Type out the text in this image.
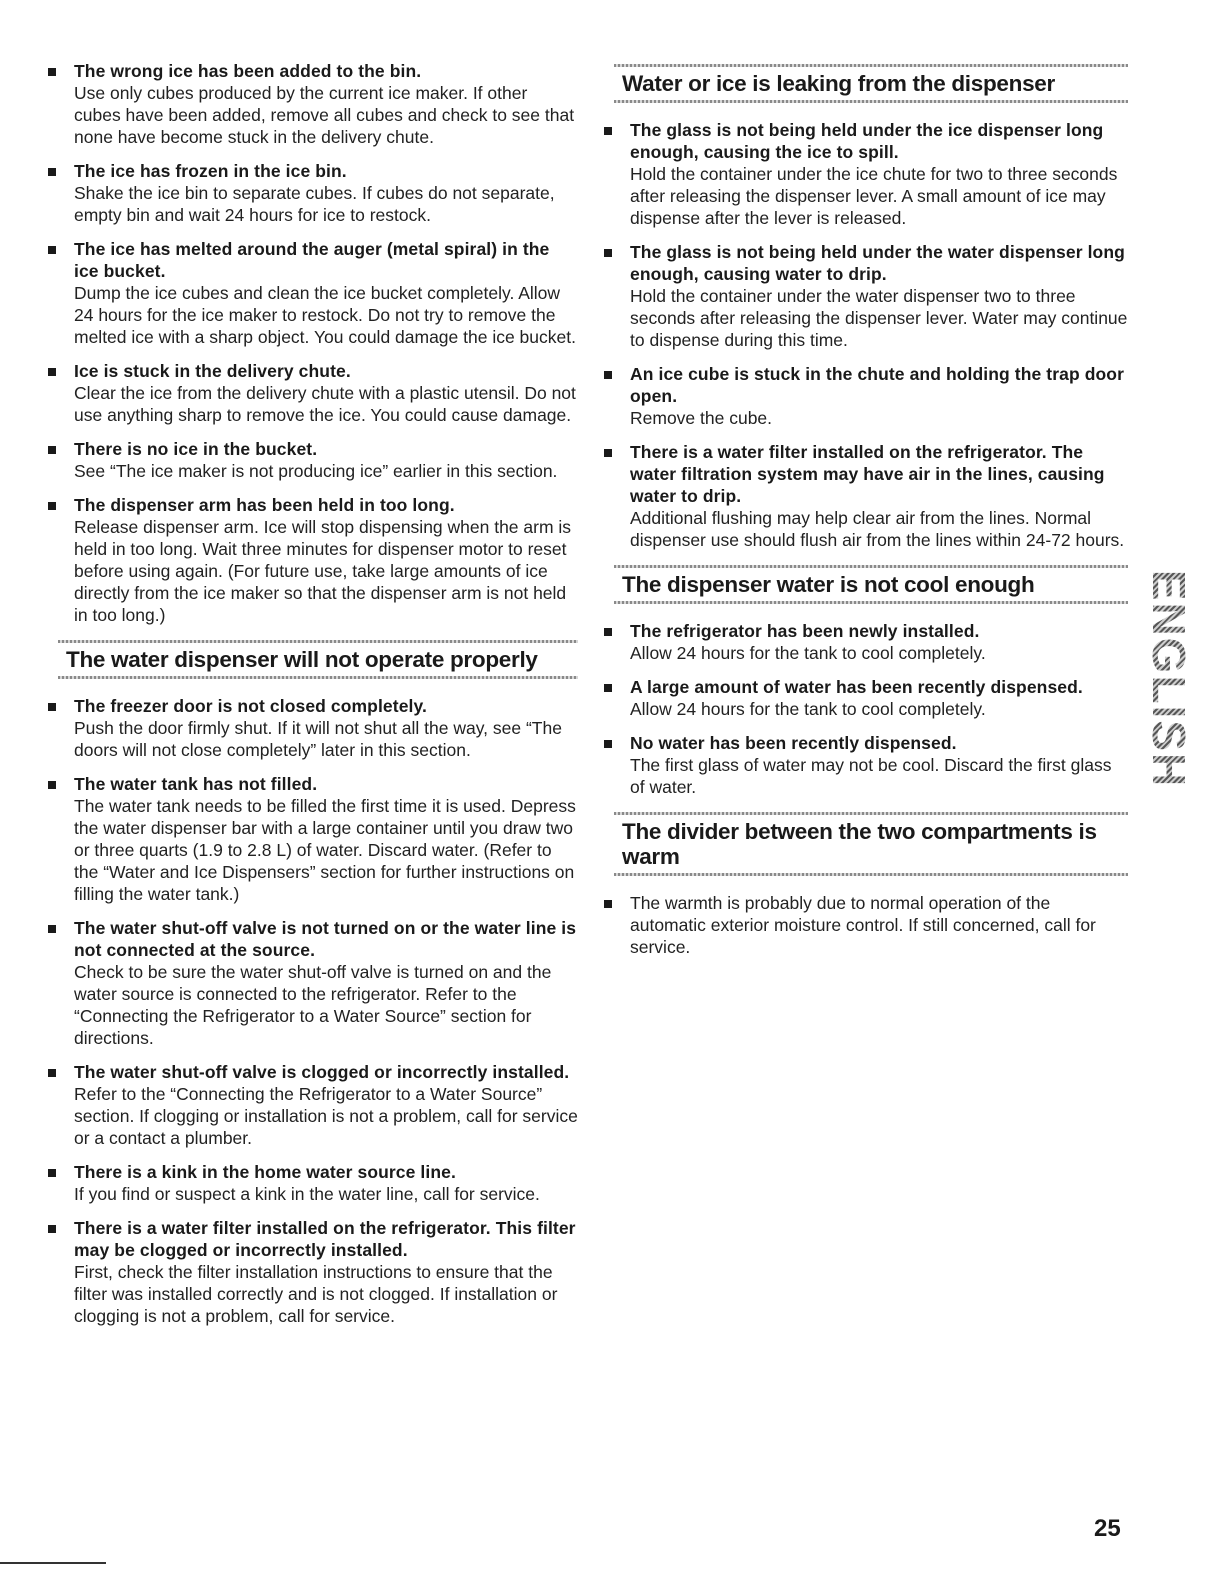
The wrong ice has been added to the bin.
Use only cubes produced by the current ice maker. If other cubes have been added, remove all cubes and check to see that none have become stuck in the delivery chute.
The ice has frozen in the ice bin.
Shake the ice bin to separate cubes. If cubes do not separate, empty bin and wait 24 hours for ice to restock.
The ice has melted around the auger (metal spiral) in the ice bucket.
Dump the ice cubes and clean the ice bucket completely. Allow 24 hours for the ice maker to restock. Do not try to remove the melted ice with a sharp object. You could damage the ice bucket.
Ice is stuck in the delivery chute.
Clear the ice from the delivery chute with a plastic utensil. Do not use anything sharp to remove the ice. You could cause damage.
There is no ice in the bucket.
See “The ice maker is not producing ice” earlier in this section.
The dispenser arm has been held in too long.
Release dispenser arm. Ice will stop dispensing when the arm is held in too long. Wait three minutes for dispenser motor to reset before using again. (For future use, take large amounts of ice directly from the ice maker so that the dispenser arm is not held in too long.)
The water dispenser will not operate properly
The freezer door is not closed completely.
Push the door firmly shut. If it will not shut all the way, see “The doors will not close completely” later in this section.
The water tank has not filled.
The water tank needs to be filled the first time it is used. Depress the water dispenser bar with a large container until you draw two or three quarts (1.9 to 2.8 L) of water. Discard water. (Refer to the “Water and Ice Dispensers” section for further instructions on filling the water tank.)
The water shut-off valve is not turned on or the water line is not connected at the source.
Check to be sure the water shut-off valve is turned on and the water source is connected to the refrigerator. Refer to the “Connecting the Refrigerator to a Water Source” section for directions.
The water shut-off valve is clogged or incorrectly installed.
Refer to the “Connecting the Refrigerator to a Water Source” section. If clogging or installation is not a problem, call for service or a contact a plumber.
There is a kink in the home water source line.
If you find or suspect a kink in the water line, call for service.
There is a water filter installed on the refrigerator. This filter may be clogged or incorrectly installed.
First, check the filter installation instructions to ensure that the filter was installed correctly and is not clogged. If installation or clogging is not a problem, call for service.
Water or ice is leaking from the dispenser
The glass is not being held under the ice dispenser long enough, causing the ice to spill.
Hold the container under the ice chute for two to three seconds after releasing the dispenser lever. A small amount of ice may dispense after the lever is released.
The glass is not being held under the water dispenser long enough, causing water to drip.
Hold the container under the water dispenser two to three seconds after releasing the dispenser lever. Water may continue to dispense during this time.
An ice cube is stuck in the chute and holding the trap door open.
Remove the cube.
There is a water filter installed on the refrigerator. The water filtration system may have air in the lines, causing water to drip.
Additional flushing may help clear air from the lines. Normal dispenser use should flush air from the lines within 24-72 hours.
The dispenser water is not cool enough
The refrigerator has been newly installed.
Allow 24 hours for the tank to cool completely.
A large amount of water has been recently dispensed.
Allow 24 hours for the tank to cool completely.
No water has been recently dispensed.
The first glass of water may not be cool. Discard the first glass of water.
The divider between the two compartments is warm
The warmth is probably due to normal operation of the automatic exterior moisture control. If still concerned, call for service.
ENGLISH
25
